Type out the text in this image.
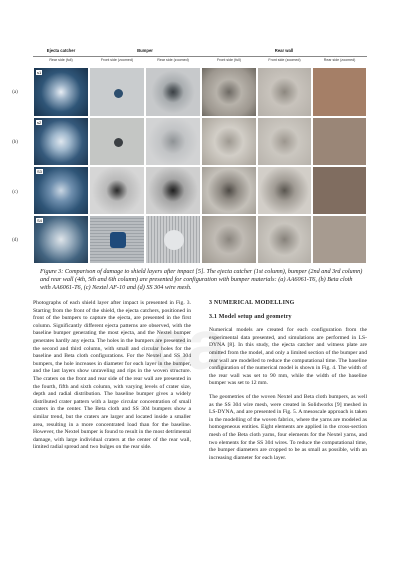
Ejecta catcher	Bumper	Rear wall
Rear side (full)	Front side (zoomed)	Rear side (zoomed)	Front side (full)	Front side (zoomed)	Rear side (zoomed)
(a)
(b)
(c)
(d)
s1
s2
S3
S4
Figure 3: Comparison of damage to shield layers after impact [5]. The ejecta catcher (1st column), bumper (2nd and 3rd column) and rear wall (4th, 5th and 6th column) are presented for configuration with bumper materials: (a) AA6061-T6, (b) Beta cloth with AA6061-T6, (c) Nextel AF-10 and (d) SS 304 wire mesh.
ca

Photographs of each shield layer after impact is presented in Fig. 3. Starting from the front of the shield, the ejecta catchers, positioned in front of the bumpers to capture the ejecta, are presented in the first column. Significantly different ejecta patterns are observed, with the baseline bumper generating the most ejecta, and the Nextel bumper generates hardly any ejecta. The holes in the bumpers are presented in the second and third column, with small and circular holes for the baseline and Beta cloth configurations. For the Nextel and SS 304 bumpers, the hole increases in diameter for each layer in the bumper, and the last layers show unraveling and rips in the woven structure. The craters on the front and rear side of the rear wall are presented in the fourth, fifth and sixth column, with varying levels of crater size, depth and radial distribution. The baseline bumper gives a widely distributed crater pattern with a large circular concentration of small craters in the center. The Beta cloth and SS 304 bumpers show a similar trend, but the craters are larger and located inside a smaller area, resulting in a more concentrated load than for the baseline. However, the Nextel bumper is found to result in the most detrimental damage, with large individual craters at the center of the rear wall, limited radial spread and two bulges on the rear side.

3 NUMERICAL MODELLING
3.1 Model setup and geometry

Numerical models are created for each configuration from the experimental data presented, and simulations are performed in LS-DYNA [8]. In this study, the ejecta catcher and witness plate are omitted from the model, and only a limited section of the bumper and rear wall are modelled to reduce the computational time. The baseline configuration of the numerical model is shown in Fig. 4. The width of the rear wall was set to 90 mm, while the width of the baseline bumper was set to 12 mm.

The geometries of the woven Nextel and Beta cloth bumpers, as well as the SS 304 wire mesh, were created in Solidworks [9] meshed in LS-DYNA, and are presented in Fig. 5. A mesoscale approach is taken in the modelling of the woven fabrics, where the yarns are modeled as homogeneous entities. Eight elements are applied in the cross-section mesh of the Beta cloth yarns, four elements for the Nextel yarns, and two elements for the SS 304 wires. To reduce the computational time, the bumper diameters are cropped to be as small as possible, with an increasing diameter for each layer.
